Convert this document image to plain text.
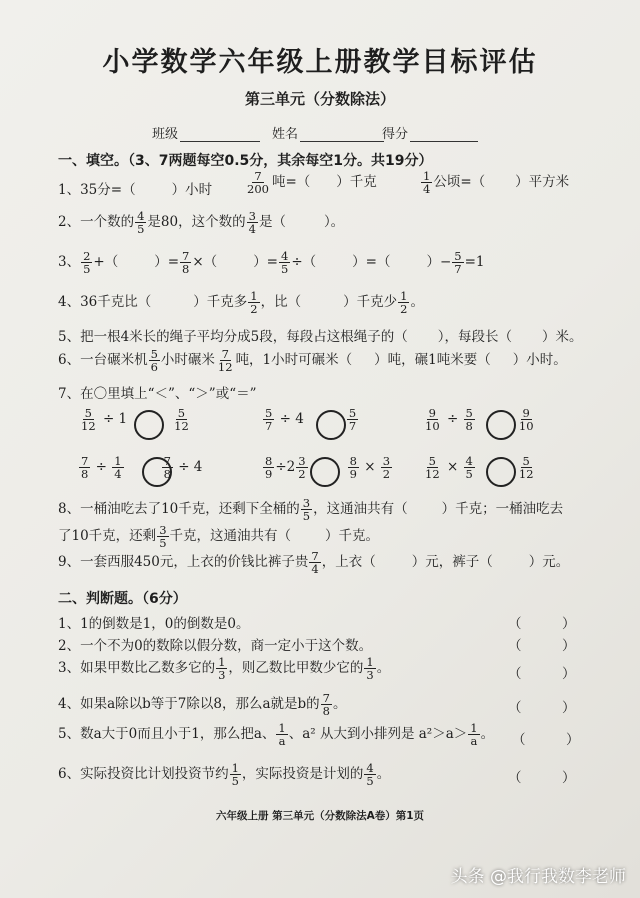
小学数学六年级上册教学目标评估
第三单元（分数除法）
班级	姓名	得分
一、填空。（3、7两题每空0.5分，其余每空1分。共19分）
1、35分=（	）小时	$\frac{7}{200}$ 吨=（ ）千克	$\frac{1}{4}$ 公顷=（ ）平方米
2、一个数的 $\frac{4}{5}$ 是80，这个数的 $\frac{3}{4}$ 是（	）。
3、 $\frac{2}{5}$ +（	）= $\frac{7}{8}$ ×（	）= $\frac{4}{5}$ ÷（	）=（	）− $\frac{5}{7} =1$
4、36千克比（	）千克多 $\frac{1}{2}$ ，比（	）千克少 $\frac{1}{2}$ 。
5、把一根4米长的绳子平均分成5段，每段占这根绳子的（ ），每段长（ ）米。
6、一台碾米机 $\frac{5}{6}$ 小时碾米 $\frac{7}{12}$ 吨，1小时可碾米（ ）吨，碾1吨米要（ ）小时。
7、在〇里填上“＜”、“＞”或“＝”
$\frac{5}{12} \div 1$	$\frac{5}{12}$	$\frac{5}{7} \div 4$	$\frac{5}{7}$	$\frac{9}{10} \div \frac{5}{8}$	$\frac{9}{10}$
$\frac{7}{8} \div \frac{1}{4}$	$\frac{7}{8} \div 4$	$\frac{8}{9} \div 2 \frac{3}{2}$	$\frac{8}{9} \times \frac{3}{2}$	$\frac{5}{12} \times \frac{4}{5}$	$\frac{5}{12}$
8、一桶油吃去了10千克，还剩下全桶的 $\frac{3}{5}$ ，这通油共有（	）千克；一桶油吃去
了10千克，还剩 $\frac{3}{5}$ 千克，这通油共有（	）千克。
9、一套西服450元，上衣的价钱比裤子贵 $\frac{7}{4}$ ，上衣（	）元，裤子（	）元。
二、判断题。（6分）
1、1的倒数是1，0的倒数是0。	（　　　）
2、一个不为0的数除以假分数，商一定小于这个数。	（　　　）
3、如果甲数比乙数多它的 $\frac{1}{3}$ ，则乙数比甲数少它的 $\frac{1}{3}$ 。	（　　　）
4、如果a除以b等于7除以8，那么a就是b的 $\frac{7}{8}$ 。	（　　　）
5、数a大于0而且小于1，那么把a、 $\frac{1}{a}$ 、a² 从大到小排列是 $a^2>a> \frac{1}{a}$ 。 （　　　）
6、实际投资比计划投资节约 $\frac{1}{5}$ ，实际投资是计划的 $\frac{4}{5}$ 。	（　　　）
六年级上册 第三单元（分数除法A卷）第1页
头条 @我行我数李老师
